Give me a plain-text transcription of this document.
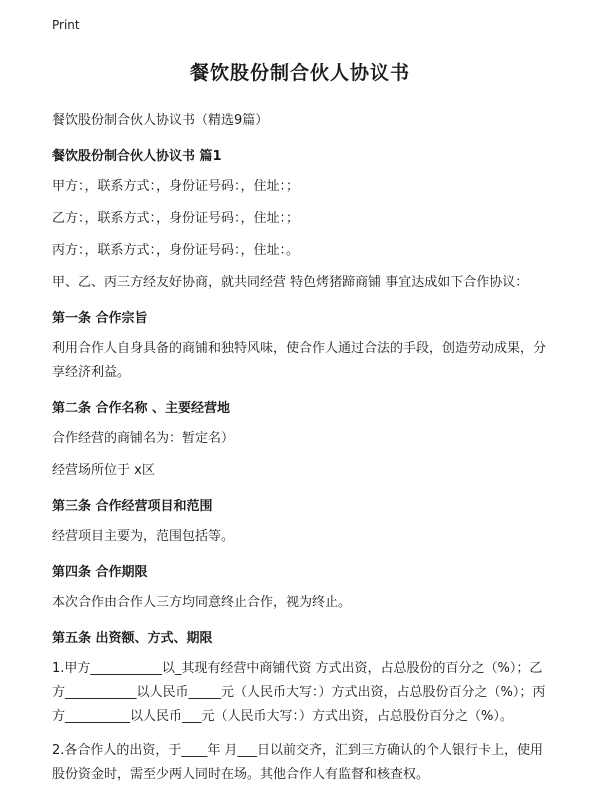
Print
餐饮股份制合伙人协议书

餐饮股份制合伙人协议书（精选9篇）

餐饮股份制合伙人协议书 篇1

甲方：，联系方式：，身份证号码：，住址：；

乙方：，联系方式：，身份证号码：，住址：；

丙方：，联系方式：，身份证号码：，住址：。

甲、乙、丙三方经友好协商，就共同经营 特色烤猪蹄商铺 事宜达成如下合作协议：

第一条 合作宗旨

利用合作人自身具备的商铺和独特风味，使合作人通过合法的手段，创造劳动成果，分享经济利益。

第二条 合作名称 、主要经营地

合作经营的商铺名为：暂定名）

经营场所位于 x区

第三条 合作经营项目和范围

经营项目主要为，范围包括等。

第四条 合作期限

本次合作由合作人三方均同意终止合作，视为终止。

第五条 出资额、方式、期限

1.甲方___________以_其现有经营中商铺代资 方式出资，占总股份的百分之（%）；乙方___________以人民币_____元（人民币大写：）方式出资，占总股份百分之（%）；丙方__________以人民币___元（人民币大写：）方式出资，占总股份百分之（%）。

2.各合作人的出资，于____年 月___日以前交齐，汇到三方确认的个人银行卡上，使用股份资金时，需至少两人同时在场。其他合作人有监督和核查权。
